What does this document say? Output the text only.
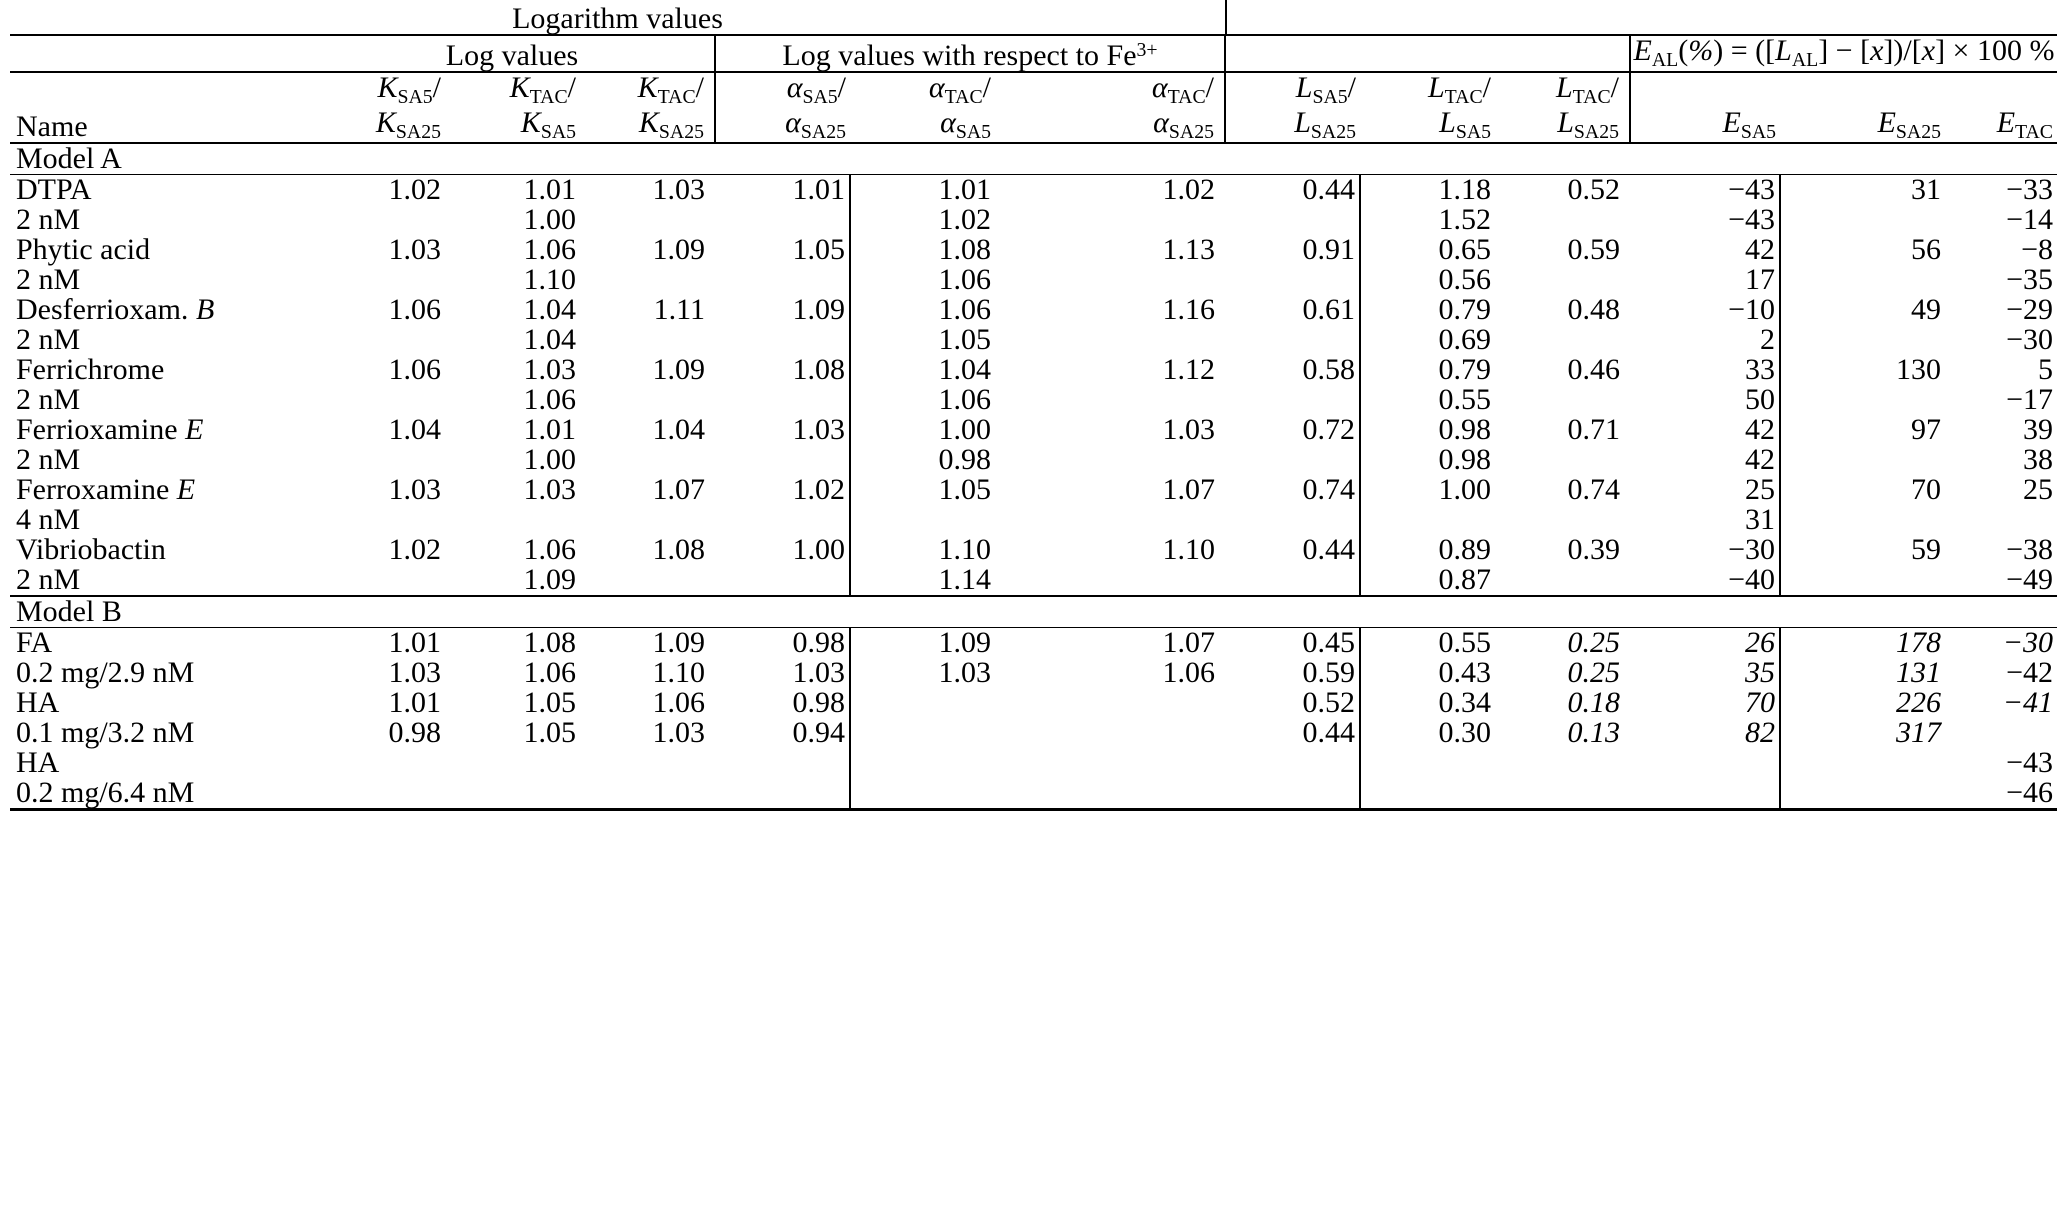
Logarithm values												
	Log values			Log values with respect to $Fe^{3+}$						$E_{AL}(\%) = ([L_{AL}] - [x])/[x] \times 100$ %		
	$K_{SA5}/$	$K_{TAC}/$	$K_{TAC}/$	$\alpha_{SA5}/$	$\alpha_{TAC}/$	$\alpha_{TAC}/$	$L_{SA5}/$	$L_{TAC}/$	$L_{TAC}/$			
Name	$K_{SA25}$	$K_{SA5}$	$K_{SA25}$	$\alpha_{SA25}$	$\alpha_{SA5}$	$\alpha_{SA25}$	$L_{SA25}$	$L_{SA5}$	$L_{SA25}$	$E_{SA5}$	$E_{SA25}$	$E_{TAC}$
Model A												
DTPA	1.02	1.01	1.03	1.01	1.01	1.02	0.44	1.18	0.52	−43	31	−33
2 nM		1.00			1.02			1.52		−43		−14
Phytic acid	1.03	1.06	1.09	1.05	1.08	1.13	0.91	0.65	0.59	42	56	−8
2 nM		1.10			1.06			0.56		17		−35
Desferrioxam. B	1.06	1.04	1.11	1.09	1.06	1.16	0.61	0.79	0.48	−10	49	−29
2 nM		1.04			1.05			0.69		2		−30
Ferrichrome	1.06	1.03	1.09	1.08	1.04	1.12	0.58	0.79	0.46	33	130	5
2 nM		1.06			1.06			0.55		50		−17
Ferrioxamine E	1.04	1.01	1.04	1.03	1.00	1.03	0.72	0.98	0.71	42	97	39
2 nM		1.00			0.98			0.98		42		38
Ferroxamine E	1.03	1.03	1.07	1.02	1.05	1.07	0.74	1.00	0.74	25	70	25
4 nM										31		
Vibriobactin	1.02	1.06	1.08	1.00	1.10	1.10	0.44	0.89	0.39	−30	59	−38
2 nM		1.09			1.14			0.87		−40		−49
Model B												
FA	1.01	1.08	1.09	0.98	1.09	1.07	0.45	0.55	0.25	26	178	−30
0.2 mg/2.9 nM	1.03	1.06	1.10	1.03	1.03	1.06	0.59	0.43	0.25	35	131	−42
HA	1.01	1.05	1.06	0.98			0.52	0.34	0.18	70	226	−41
0.1 mg/3.2 nM	0.98	1.05	1.03	0.94			0.44	0.30	0.13	82	317	
HA												−43
0.2 mg/6.4 nM												−46
